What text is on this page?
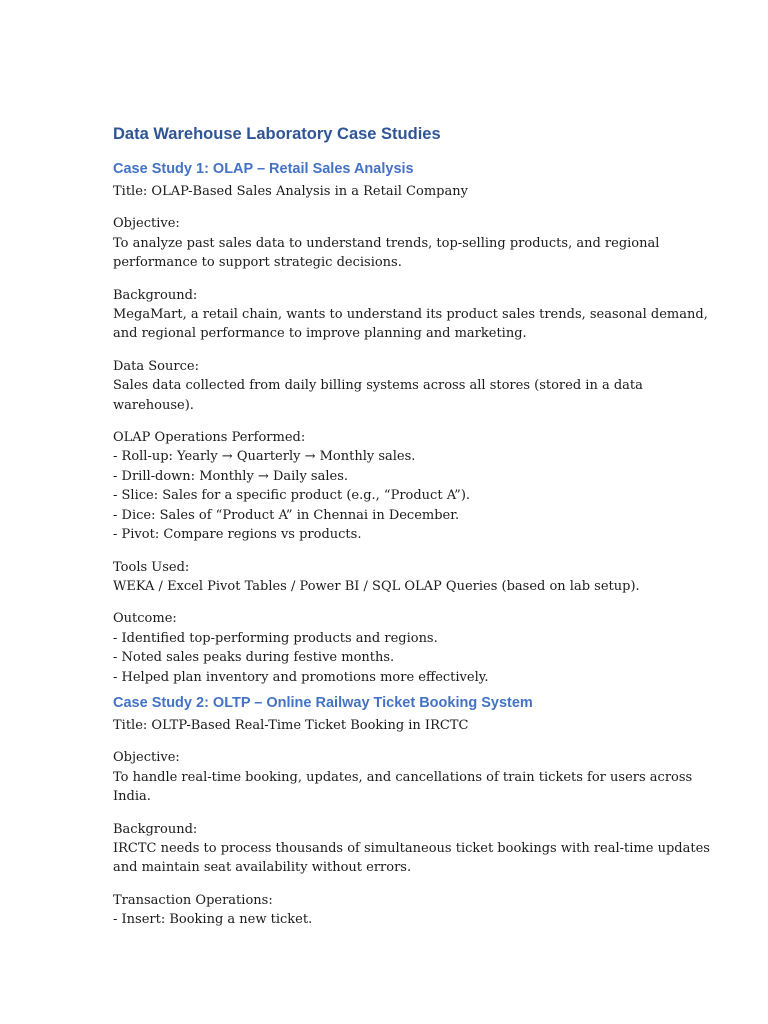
Data Warehouse Laboratory Case Studies
Case Study 1: OLAP – Retail Sales Analysis
Title: OLAP-Based Sales Analysis in a Retail Company
Objective:
To analyze past sales data to understand trends, top-selling products, and regional
performance to support strategic decisions.
Background:
MegaMart, a retail chain, wants to understand its product sales trends, seasonal demand,
and regional performance to improve planning and marketing.
Data Source:
Sales data collected from daily billing systems across all stores (stored in a data
warehouse).
OLAP Operations Performed:
- Roll-up: Yearly → Quarterly → Monthly sales.
- Drill-down: Monthly → Daily sales.
- Slice: Sales for a specific product (e.g., “Product A”).
- Dice: Sales of “Product A” in Chennai in December.
- Pivot: Compare regions vs products.
Tools Used:
WEKA / Excel Pivot Tables / Power BI / SQL OLAP Queries (based on lab setup).
Outcome:
- Identified top-performing products and regions.
- Noted sales peaks during festive months.
- Helped plan inventory and promotions more effectively.
Case Study 2: OLTP – Online Railway Ticket Booking System
Title: OLTP-Based Real-Time Ticket Booking in IRCTC
Objective:
To handle real-time booking, updates, and cancellations of train tickets for users across
India.
Background:
IRCTC needs to process thousands of simultaneous ticket bookings with real-time updates
and maintain seat availability without errors.
Transaction Operations:
- Insert: Booking a new ticket.
